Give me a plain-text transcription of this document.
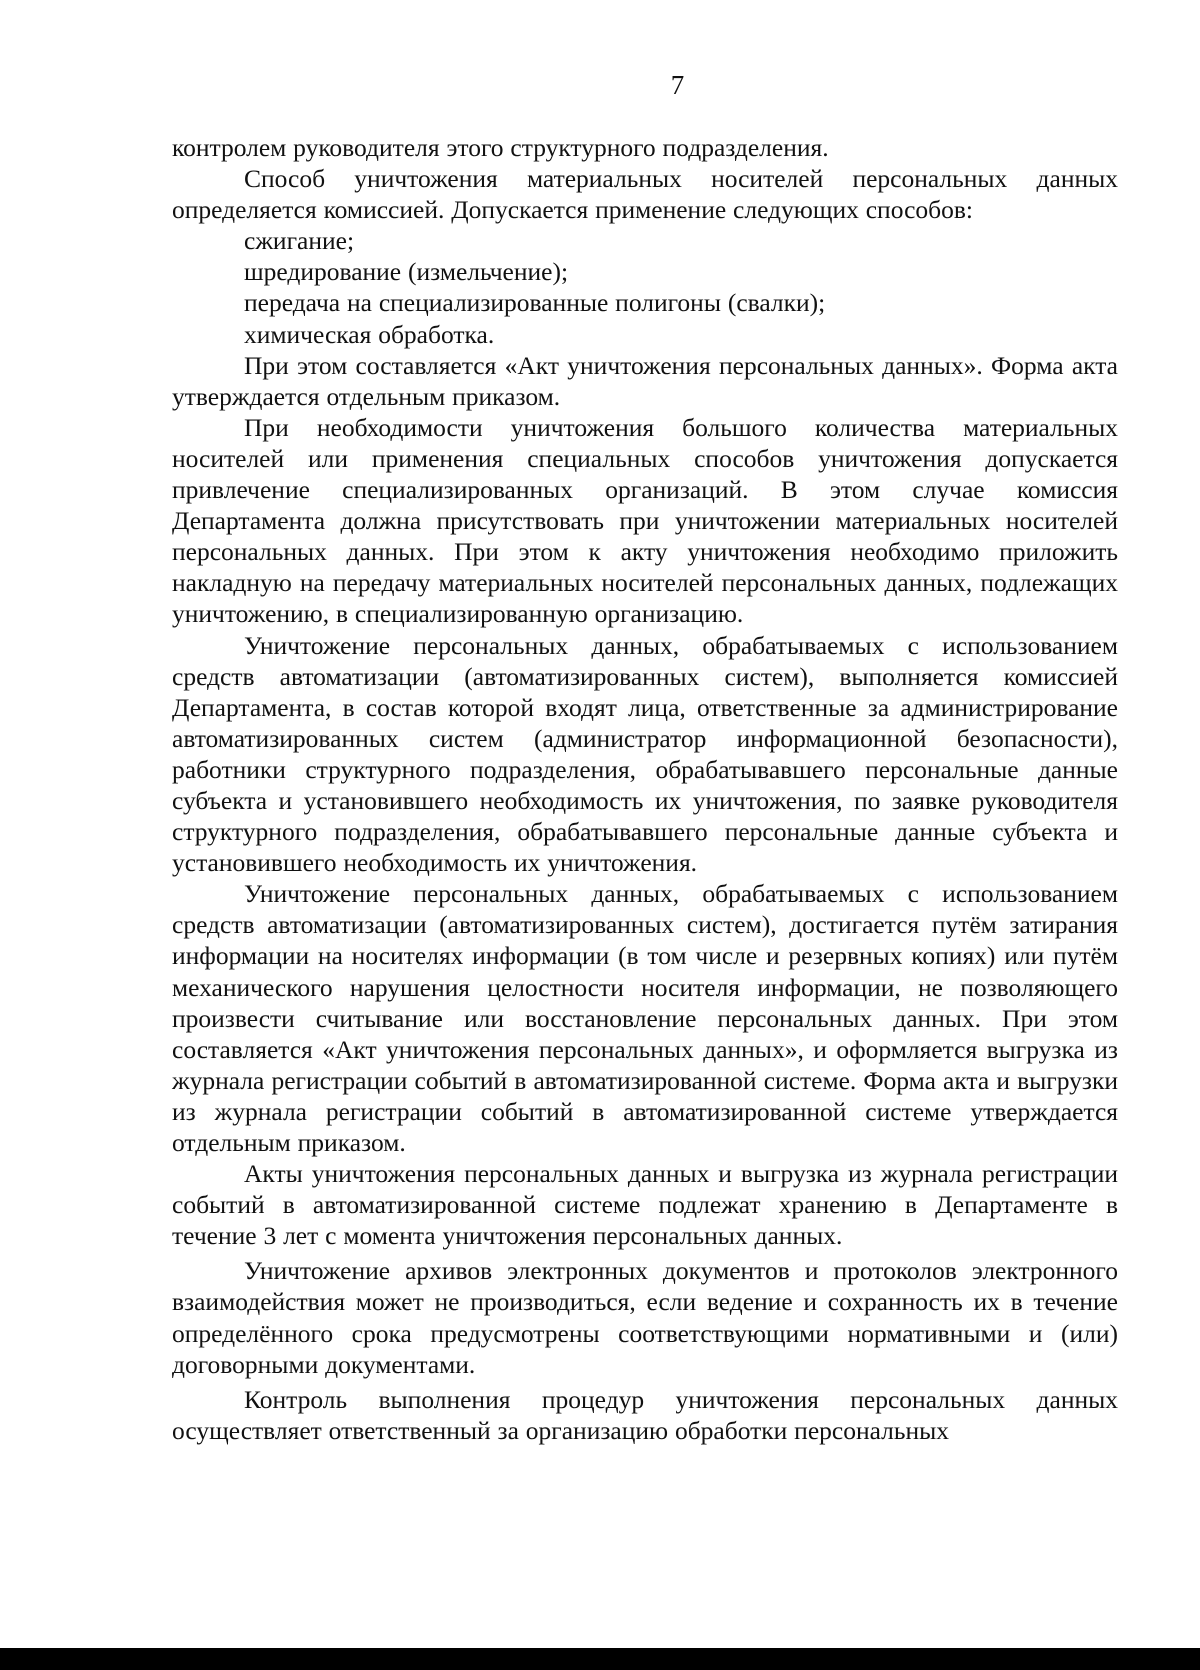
7

контролем руководителя этого структурного подразделения.

Способ уничтожения материальных носителей персональных данных определяется комиссией. Допускается применение следующих способов:

сжигание;

шредирование (измельчение);

передача на специализированные полигоны (свалки);

химическая обработка.

При этом составляется «Акт уничтожения персональных данных». Форма акта утверждается отдельным приказом.

При необходимости уничтожения большого количества материальных носителей или применения специальных способов уничтожения допускается привлечение специализированных организаций. В этом случае комиссия Департамента должна присутствовать при уничтожении материальных носителей персональных данных. При этом к акту уничтожения необходимо приложить накладную на передачу материальных носителей персональных данных, подлежащих уничтожению, в специализированную организацию.

Уничтожение персональных данных, обрабатываемых с использованием средств автоматизации (автоматизированных систем), выполняется комиссией Департамента, в состав которой входят лица, ответственные за администрирование автоматизированных систем (администратор информационной безопасности), работники структурного подразделения, обрабатывавшего персональные данные субъекта и установившего необходимость их уничтожения, по заявке руководителя структурного подразделения, обрабатывавшего персональные данные субъекта и установившего необходимость их уничтожения.

Уничтожение персональных данных, обрабатываемых с использованием средств автоматизации (автоматизированных систем), достигается путём затирания информации на носителях информации (в том числе и резервных копиях) или путём механического нарушения целостности носителя информации, не позволяющего произвести считывание или восстановление персональных данных. При этом составляется «Акт уничтожения персональных данных», и оформляется выгрузка из журнала регистрации событий в автоматизированной системе. Форма акта и выгрузки из журнала регистрации событий в автоматизированной системе утверждается отдельным приказом.

Акты уничтожения персональных данных и выгрузка из журнала регистрации событий в автоматизированной системе подлежат хранению в Департаменте в течение 3 лет с момента уничтожения персональных данных.

Уничтожение архивов электронных документов и протоколов электронного взаимодействия может не производиться, если ведение и сохранность их в течение определённого срока предусмотрены соответствующими нормативными и (или) договорными документами.

Контроль выполнения процедур уничтожения персональных данных осуществляет ответственный за организацию обработки персональных
